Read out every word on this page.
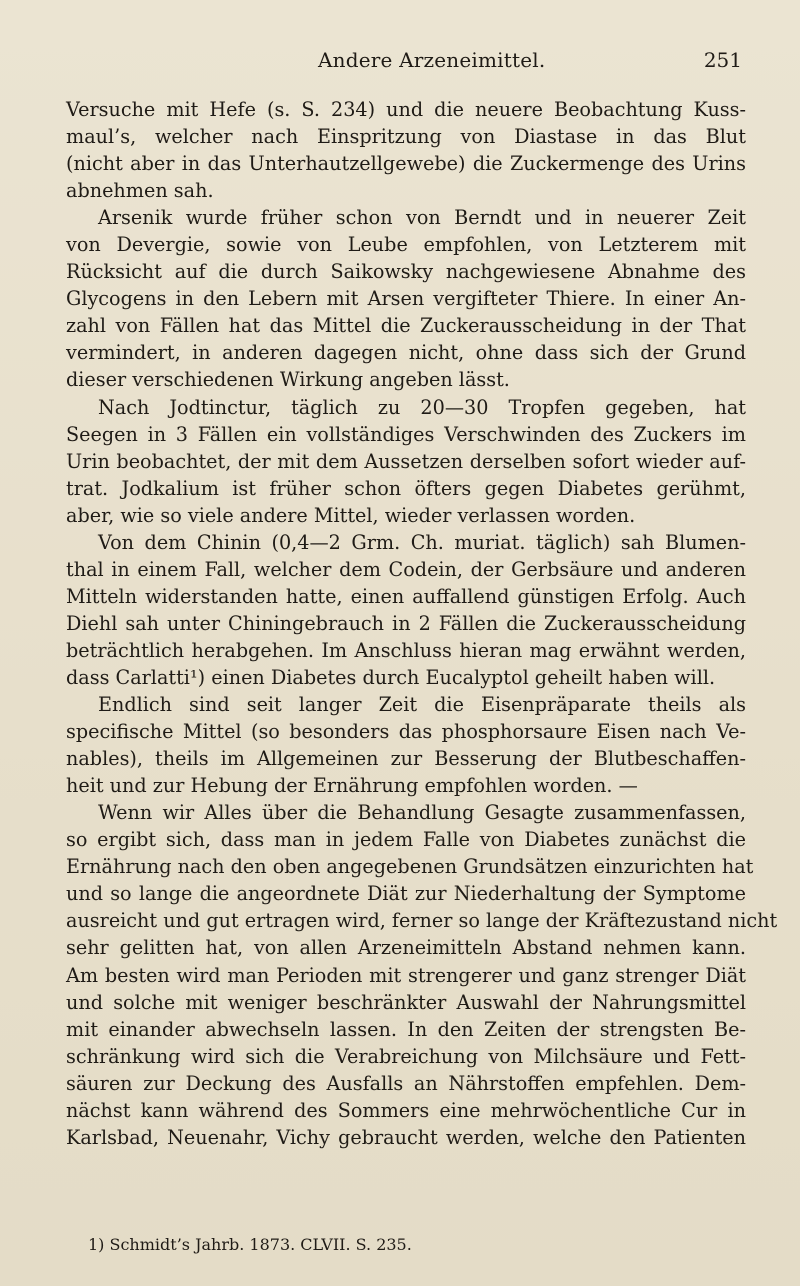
Andere Arzeneimittel.	251
Versuche mit Hefe (s. S. 234) und die neuere Beobachtung Kuss-
maul’s, welcher nach Einspritzung von Diastase in das Blut
(nicht aber in das Unterhautzellgewebe) die Zuckermenge des Urins
abnehmen sah.
Arsenik wurde früher schon von Berndt und in neuerer Zeit
von Devergie, sowie von Leube empfohlen, von Letzterem mit
Rücksicht auf die durch Saikowsky nachgewiesene Abnahme des
Glycogens in den Lebern mit Arsen vergifteter Thiere. In einer An-
zahl von Fällen hat das Mittel die Zuckerausscheidung in der That
vermindert, in anderen dagegen nicht, ohne dass sich der Grund
dieser verschiedenen Wirkung angeben lässt.
Nach Jodtinctur, täglich zu 20—30 Tropfen gegeben, hat
Seegen in 3 Fällen ein vollständiges Verschwinden des Zuckers im
Urin beobachtet, der mit dem Aussetzen derselben sofort wieder auf-
trat. Jodkalium ist früher schon öfters gegen Diabetes gerühmt,
aber, wie so viele andere Mittel, wieder verlassen worden.
Von dem Chinin (0,4—2 Grm. Ch. muriat. täglich) sah Blumen-
thal in einem Fall, welcher dem Codein, der Gerbsäure und anderen
Mitteln widerstanden hatte, einen auffallend günstigen Erfolg. Auch
Diehl sah unter Chiningebrauch in 2 Fällen die Zuckerausscheidung
beträchtlich herabgehen. Im Anschluss hieran mag erwähnt werden,
dass Carlatti¹) einen Diabetes durch Eucalyptol geheilt haben will.
Endlich sind seit langer Zeit die Eisenpräparate theils als
specifische Mittel (so besonders das phosphorsaure Eisen nach Ve-
nables), theils im Allgemeinen zur Besserung der Blutbeschaffen-
heit und zur Hebung der Ernährung empfohlen worden. —
Wenn wir Alles über die Behandlung Gesagte zusammenfassen,
so ergibt sich, dass man in jedem Falle von Diabetes zunächst die
Ernährung nach den oben angegebenen Grundsätzen einzurichten hat
und so lange die angeordnete Diät zur Niederhaltung der Symptome
ausreicht und gut ertragen wird, ferner so lange der Kräftezustand nicht
sehr gelitten hat, von allen Arzeneimitteln Abstand nehmen kann.
Am besten wird man Perioden mit strengerer und ganz strenger Diät
und solche mit weniger beschränkter Auswahl der Nahrungsmittel
mit einander abwechseln lassen. In den Zeiten der strengsten Be-
schränkung wird sich die Verabreichung von Milchsäure und Fett-
säuren zur Deckung des Ausfalls an Nährstoffen empfehlen. Dem-
nächst kann während des Sommers eine mehrwöchentliche Cur in
Karlsbad, Neuenahr, Vichy gebraucht werden, welche den Patienten
1) Schmidt’s Jahrb. 1873. CLVII. S. 235.
